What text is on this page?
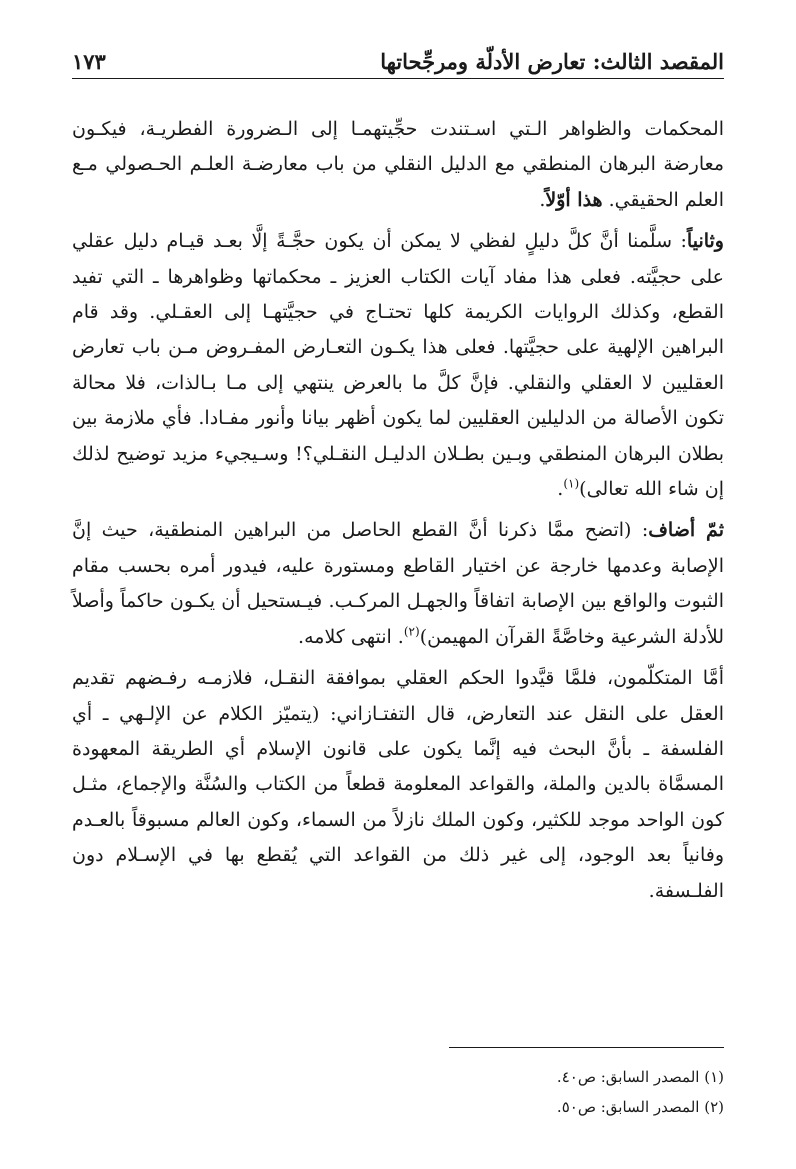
المقصد الثالث: تعارض الأدلّة ومرجِّحاتها
١٧٣

المحكمات والظواهر الـتي اسـتندت حجِّيتهمـا إلى الـضرورة الفطريـة، فيكـون معارضة البرهان المنطقي مع الدليل النقلي من باب معارضـة العلـم الحـصولي مـع العلم الحقيقي. هذا أوّلاً.

وثانياً: سلَّمنا أنَّ كلَّ دليلٍ لفظي لا يمكن أن يكون حجَّـةً إلَّا بعـد قيـام دليل عقلي على حجيَّته. فعلى هذا مفاد آيات الكتاب العزيز ـ محكماتها وظواهرها ـ التي تفيد القطع، وكذلك الروايات الكريمة كلها تحتـاج في حجيَّتهـا إلى العقـلي. وقد قام البراهين الإلهية على حجيَّتها. فعلى هذا يكـون التعـارض المفـروض مـن باب تعارض العقليين لا العقلي والنقلي. فإنَّ كلَّ ما بالعرض ينتهي إلى مـا بـالذات، فلا محالة تكون الأصالة من الدليلين العقليين لما يكون أظهر بيانا وأنور مفـادا. فأي ملازمة بين بطلان البرهان المنطقي وبـين بطـلان الدليـل النقـلي؟! وسـيجيء مزيد توضيح لذلك إن شاء الله تعالى)$^{(١)}$.

ثمّ أضاف: (اتضح ممَّا ذكرنا أنَّ القطع الحاصل من البراهين المنطقية، حيث إنَّ الإصابة وعدمها خارجة عن اختيار القاطع ومستورة عليه، فيدور أمره بحسب مقام الثبوت والواقع بين الإصابة اتفاقاً والجهـل المركـب. فيـستحيل أن يكـون حاكماً وأصلاً للأدلة الشرعية وخاصَّةً القرآن المهيمن)$^{(٢)}$. انتهى كلامه.

أمَّا المتكلّمون، فلمَّا قيَّدوا الحكم العقلي بموافقة النقـل، فلازمـه رفـضهم تقديم العقل على النقل عند التعارض، قال التفتـازاني: (يتميّز الكلام عن الإلـهي ـ أي الفلسفة ـ بأنَّ البحث فيه إنَّما يكون على قانون الإسلام أي الطريقة المعهودة المسمَّاة بالدين والملة، والقواعد المعلومة قطعاً من الكتاب والسُنَّة والإجماع، مثـل كون الواحد موجد للكثير، وكون الملك نازلاً من السماء، وكون العالم مسبوقاً بالعـدم وفانياً بعد الوجود، إلى غير ذلك من القواعد التي يُقطع بها في الإسـلام دون الفلـسفة.

(١) المصدر السابق: ص٤٠.
(٢) المصدر السابق: ص٥٠.
